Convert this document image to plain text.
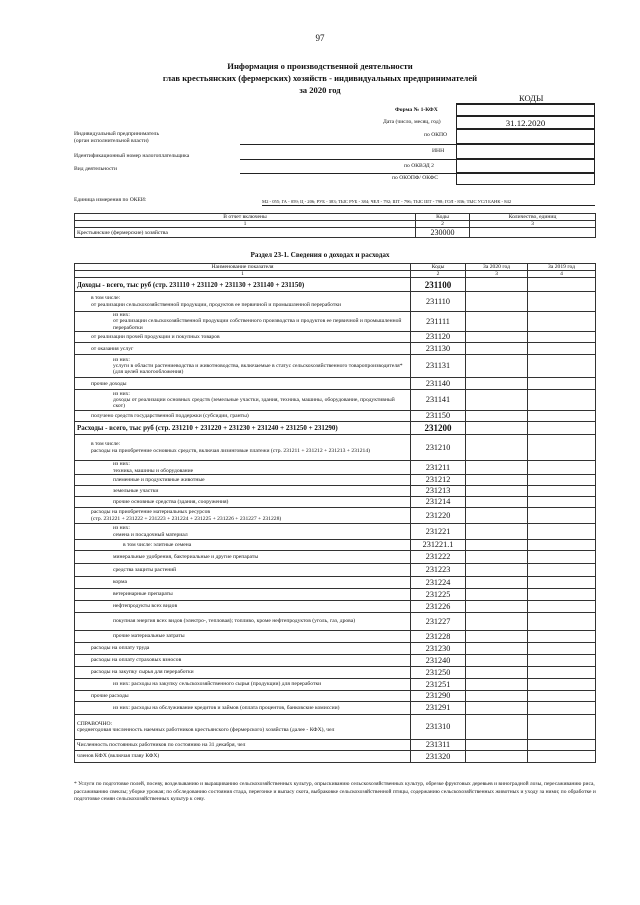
97
Информация о производственной деятельности
глав крестьянских (фермерских) хозяйств - индивидуальных предпринимателей
за 2020 год
КОДЫ
Форма № 1-КФХ
Дата (число, месяц, год)	31.12.2020
Индивидуальный предприниматель
(орган исполнительной власти)
по ОКПО
ИНН
Идентификационный номер налогоплательщика
по ОКВЭД 2
Вид деятельности
по ОКОПФ/ ОКФС
Единица измерения по ОКЕИ:	М2 - 055; ГА - 059; Ц - 206; РУБ - 383; ТЫС РУБ - 384; ЧЕЛ - 792; ШТ - 796; ТЫС ШТ - 798; ГОЛ - 836; ТЫС УСЛ БАНК - 842
В отчет включены	Коды	Количество, единиц
1	2	3
Крестьянские (фермерские) хозяйства	230000	
Раздел 23-1. Сведения о доходах и расходах
Наименование показателя	Коды	За 2020 год	За 2019 год
1	2	3	4
Доходы - всего, тыс руб (стр. 231110 + 231120 + 231130 + 231140 + 231150)	231100		
в том числе:
от реализации сельскохозяйственной продукции, продуктов ее первичной и промышленной переработки	231110		
из них:
от реализации сельскохозяйственной продукции собственного производства и продуктов ее первичной и промышленной переработки	231111		
от реализации прочей продукции и покупных товаров	231120		
от оказания услуг	231130		
из них:
услуги в области растениеводства и животноводства, включаемые в статус сельскохозяйственного товаропроизводителя* (для целей налогообложения)	231131		
прочие доходы	231140		
из них:
доходы от реализации основных средств (земельные участки, здания, техника, машины, оборудование, продуктивный скот)	231141		
получено средств государственной поддержки (субсидии, гранты)	231150		
Расходы - всего, тыс руб (стр. 231210 + 231220 + 231230 + 231240 + 231250 + 231290)	231200		
в том числе:
расходы на приобретение основных средств, включая лизинговые платежи (стр. 231211 + 231212 + 231213 + 231214)	231210		
из них:
техника, машины и оборудование	231211		
племенные и продуктивные животные	231212		
земельные участки	231213		
прочие основные средства (здания, сооружения)	231214		
расходы на приобретение материальных ресурсов
(стр. 231221 + 231222 + 231223 + 231224 + 231225 + 231226 + 231227 + 231228)	231220		
из них:
семена и посадочный материал	231221		
в том числе: элитные семена	231221.1		
минеральные удобрения, бактериальные и другие препараты	231222		
средства защиты растений	231223		
корма	231224		
ветеринарные препараты	231225		
нефтепродукты всех видов	231226		
покупная энергия всех видов (электро-, тепловая); топливо, кроме нефтепродуктов (уголь, газ, дрова)	231227		
прочие материальные затраты	231228		
расходы на оплату труда	231230		
расходы на оплату страховых взносов	231240		
расходы на закупку сырья для переработки	231250		
из них: расходы на закупку сельскохозяйственного сырья (продукции) для переработки	231251		
прочие расходы	231290		
из них: расходы на обслуживание кредитов и займов (оплата процентов, банковские комиссии)	231291		
СПРАВОЧНО:
среднегодовая численность наемных работников крестьянского (фермерского) хозяйства (далее - КФХ), чел	231310		
Численность постоянных работников по состоянию на 31 декабря, чел	231311		
членов КФХ (включая главу КФХ)	231320		
* Услуги по подготовке полей, посеву, возделыванию и выращиванию сельскохозяйственных культур, опрыскиванию сельскохозяйственных культур, обрезке фруктовых деревьев и виноградной лозы, пересаживанию риса, рассаживанию свеклы; уборке урожая; по обследованию состояния стада, перегонке и выпасу скота, выбраковке сельскохозяйственной птицы, содержанию сельскохозяйственных животных и уходу за ними; по обработке и подготовке семян сельскохозяйственных культур к севу.
